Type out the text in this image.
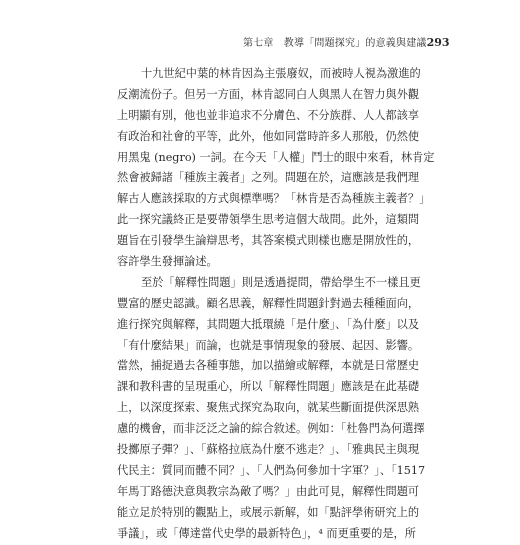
第七章　教導「問題探究」的意義與建議 293
十九世紀中葉的林肯因為主張廢奴，而被時人視為激進的
反潮流份子。但另一方面，林肯認同白人與黑人在智力與外觀
上明顯有別，他也並非追求不分膚色、不分族群、人人都該享
有政治和社會的平等，此外，他如同當時許多人那般，仍然使
用黑鬼 (negro) 一詞。在今天「人權」鬥士的眼中來看，林肯定
然會被歸諸「種族主義者」之列。問題在於，這應該是我們理
解古人應該採取的方式與標準嗎？「林肯是否為種族主義者？」
此一探究議終正是要帶領學生思考這個大哉問。此外，這類問
題旨在引發學生論辯思考，其答案模式則樣也應是開放性的，
容許學生發揮論述。
至於「解釋性問題」則是透過提問，帶給學生不一樣且更
豐富的歷史認識。顧名思義，解釋性問題針對過去種種面向，
進行探究與解釋，其問題大抵環繞「是什麼」、「為什麼」以及
「有什麼結果」而論，也就是事情現象的發展、起因、影響。
當然，捕捉過去各種事態，加以描繪或解釋，本就是日常歷史
課和教科書的呈現重心，所以「解釋性問題」應該是在此基礎
上，以深度探索、聚焦式探究為取向，就某些斷面提供深思熟
慮的機會，而非泛泛之論的綜合敘述。例如：「杜魯門為何選擇
投擲原子彈？」、「蘇格拉底為什麼不逃走？」、「雅典民主與現
代民主：質同而體不同？」、「人們為何參加十字軍？」、「1517
年馬丁路德決意與教宗為敵了嗎？」由此可見，解釋性問題可
能立足於特別的觀點上，或展示新解，如「點評學術研究上的
爭議」，或「傳達當代史學的最新特色」，⁴ 而更重要的是，所
